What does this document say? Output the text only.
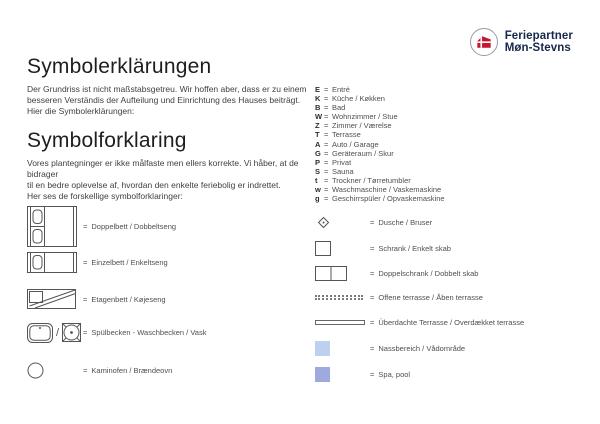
Feriepartner
Møn-Stevns
Symbolerklärungen

Der Grundriss ist nicht maßstabsgetreu. Wir hoffen aber, dass er zu einem
besseren Verständis der Aufteilung und Einrichtung des Hauses beiträgt.
Hier die Symbolerklärungen:

Symbolforklaring

Vores plantegninger er ikke målfaste men ellers korrekte. Vi håber, at de bidrager
til en bedre oplevelse af, hvordan den enkelte feriebolig er indrettet.
Her ses de forskellige symbolforklaringer:

E = Entré
K = Küche / Køkken
B = Bad
W = Wohnzimmer / Stue
Z = Zimmer / Værelse
T = Terrasse
A = Auto / Garage
G = Geräteraum / Skur
P = Privat
S = Sauna
t = Trockner / Tørretumbler
w = Waschmaschine / Vaskemaskine
g = Geschirrspüler / Opvaskemaskine
= Doppelbett / Dobbeltseng
= Einzelbett / Enkeltseng
= Etagenbett / Køjeseng
/	= Spülbecken - Waschbecken / Vask
= Kaminofen / Brændeovn
= Dusche / Bruser
= Schrank / Enkelt skab
= Doppelschrank / Dobbelt skab
= Offene terrasse / Åben terrasse
= Überdachte Terrasse / Overdækket terrasse
= Nassbereich / Vådområde
= Spa, pool
